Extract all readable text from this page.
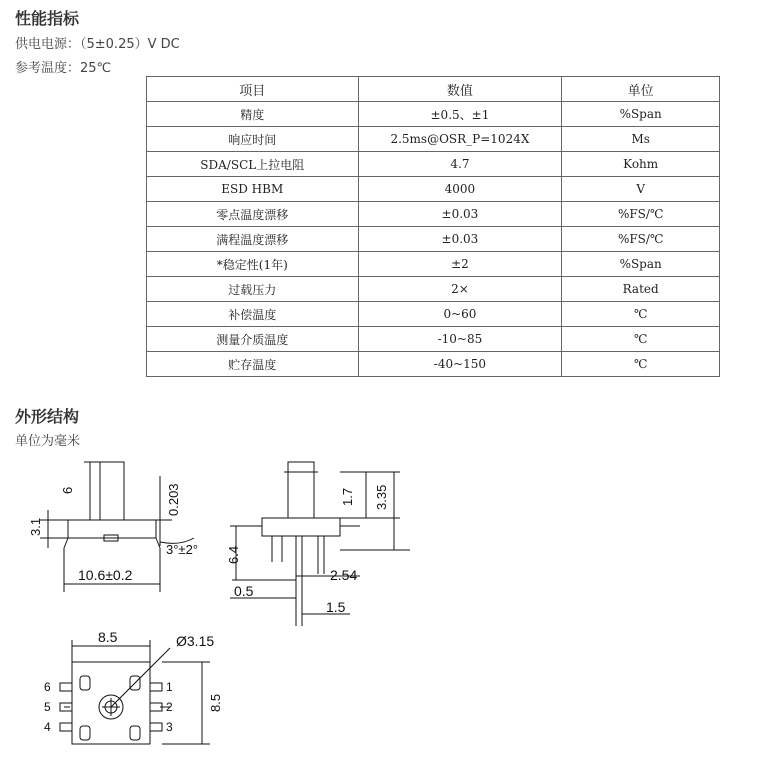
性能指标
供电电源：（5±0.25）V DC
参考温度：25℃
项目	数值	单位
精度	±0.5、±1	%Span
响应时间	2.5ms@OSR_P=1024X	Ms
SDA/SCL上拉电阻	4.7	Kohm
ESD HBM	4000	V
零点温度漂移	±0.03	%FS/℃
满程温度漂移	±0.03	%FS/℃
*稳定性(1年)	±2	%Span
过载压力	2×	Rated
补偿温度	0~60	℃
测量介质温度	-10~85	℃
贮存温度	-40~150	℃
外形结构
单位为毫米
6
3.1
0.203
3°±2°
10.6±0.2
1.7 3.35
6.4
2.54
0.5
1.5
8.5	Ø3.15
8.5
1
2
3
4
5
6
